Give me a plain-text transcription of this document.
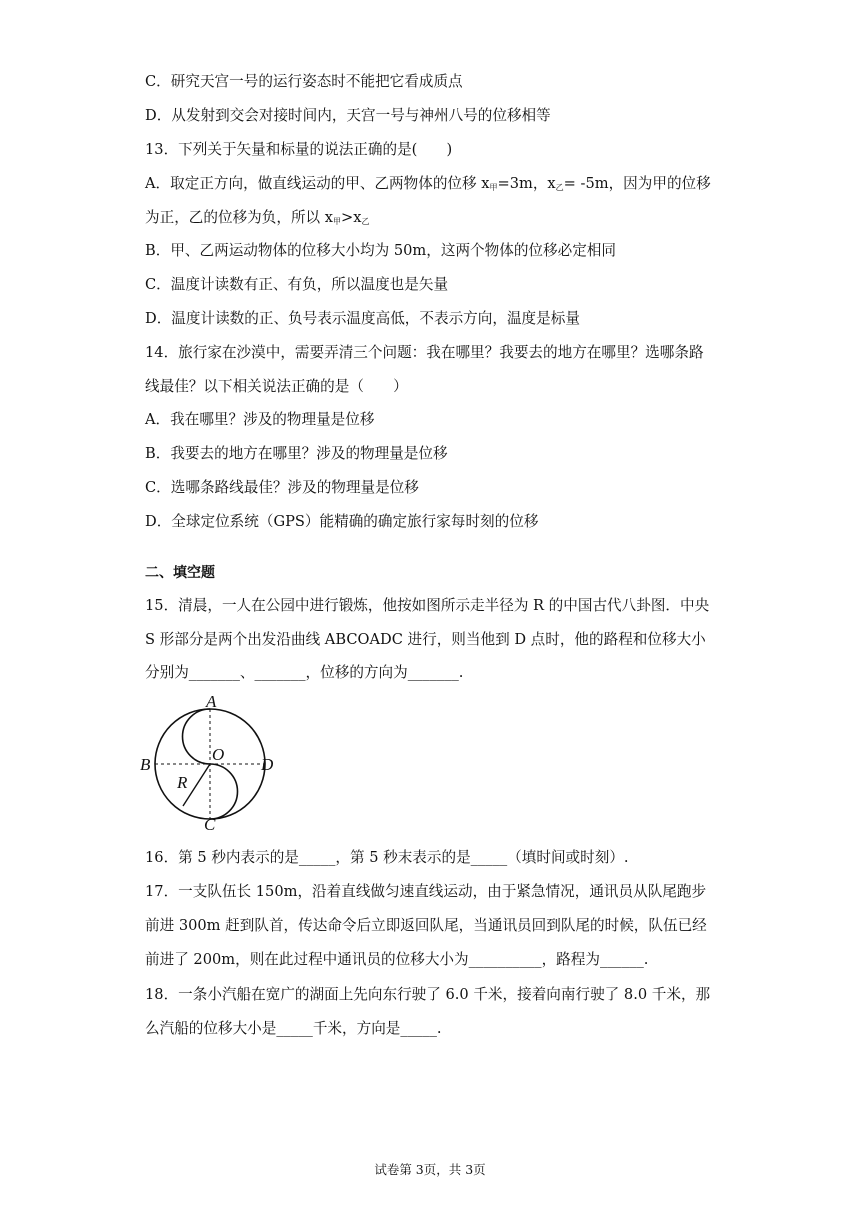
C．研究天宫一号的运行姿态时不能把它看成质点
D．从发射到交会对接时间内，天宫一号与神州八号的位移相等
13．下列关于矢量和标量的说法正确的是(　　)
A．取定正方向，做直线运动的甲、乙两物体的位移 $x_甲=3m$，$x_乙= -5m$，因为甲的位移
为正，乙的位移为负，所以 $x_甲>x_乙$
B．甲、乙两运动物体的位移大小均为 50m，这两个物体的位移必定相同
C．温度计读数有正、有负，所以温度也是矢量
D．温度计读数的正、负号表示温度高低，不表示方向，温度是标量
14．旅行家在沙漠中，需要弄清三个问题：我在哪里？我要去的地方在哪里？选哪条路
线最佳？以下相关说法正确的是（　　）
A．我在哪里？涉及的物理量是位移
B．我要去的地方在哪里？涉及的物理量是位移
C．选哪条路线最佳？涉及的物理量是位移
D．全球定位系统（GPS）能精确的确定旅行家每时刻的位移
二、填空题
15．清晨，一人在公园中进行锻炼，他按如图所示走半径为 R 的中国古代八卦图．中央
S 形部分是两个出发沿曲线 ABCOADC 进行，则当他到 D 点时，他的路程和位移大小
分别为_______、_______，位移的方向为_______.
A
B	D
C
O
R
16．第 5 秒内表示的是_____，第 5 秒末表示的是_____（填时间或时刻）.
17．一支队伍长 150m，沿着直线做匀速直线运动，由于紧急情况，通讯员从队尾跑步
前进 300m 赶到队首，传达命令后立即返回队尾，当通讯员回到队尾的时候，队伍已经
前进了 200m，则在此过程中通讯员的位移大小为__________，路程为______.
18．一条小汽船在宽广的湖面上先向东行驶了 6.0 千米，接着向南行驶了 8.0 千米，那
么汽船的位移大小是_____千米，方向是_____.
试卷第 3页，共 3页
